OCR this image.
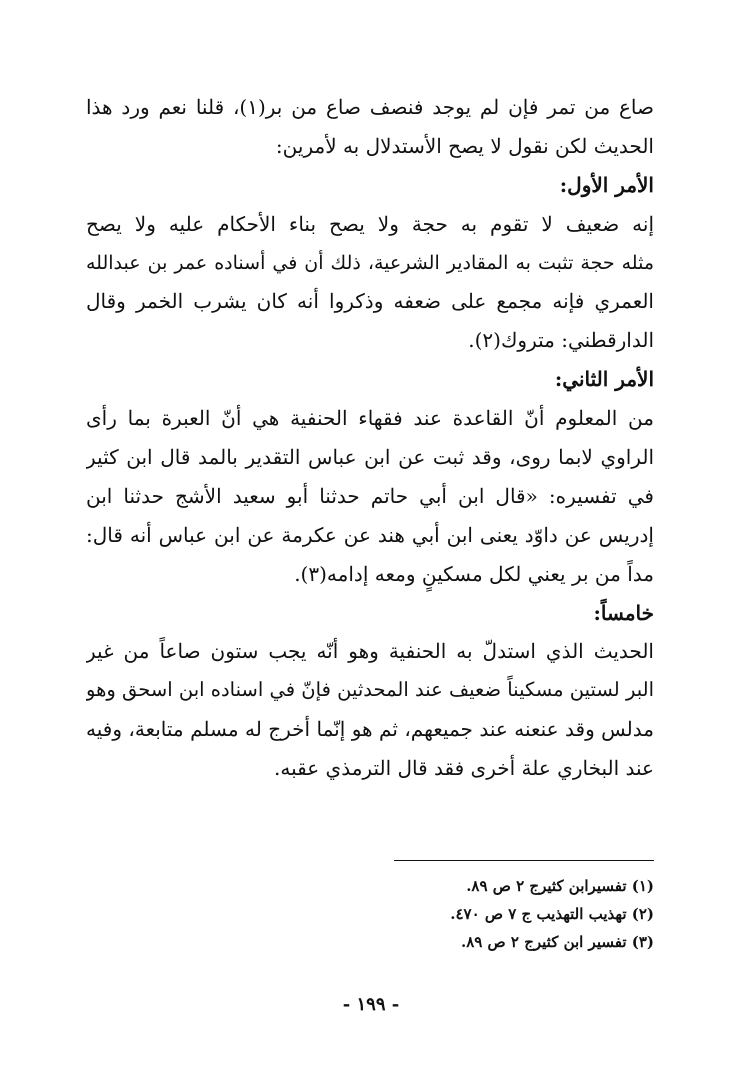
صاع من تمر فإن لم يوجد فنصف صاع من بر(١)، قلنا نعم ورد هذا
الحديث لكن نقول لا يصح الأستدلال به لأمرين:
الأمر الأول:
إنه ضعيف لا تقوم به حجة ولا يصح بناء الأحكام عليه ولا يصح
مثله حجة تثبت به المقادير الشرعية، ذلك أن في أسناده عمر بن عبدالله
العمري فإنه مجمع على ضعفه وذكروا أنه كان يشرب الخمر وقال
الدارقطني: متروك(٢).
الأمر الثاني:
من المعلوم أنّ القاعدة عند فقهاء الحنفية هي أنّ العبرة بما رأى
الراوي لابما روى، وقد ثبت عن ابن عباس التقدير بالمد قال ابن كثير
في تفسيره: «قال ابن أبي حاتم حدثنا أبو سعيد الأشج حدثنا ابن
إدريس عن داوّد يعنى ابن أبي هند عن عكرمة عن ابن عباس أنه قال:
مداً من بر يعني لكل مسكينٍ ومعه إدامه(٣).
خامساً:
الحديث الذي استدلّ به الحنفية وهو أنّه يجب ستون صاعاً من غير
البر لستين مسكيناً ضعيف عند المحدثين فإنّ في اسناده ابن اسحق وهو
مدلس وقد عنعنه عند جميعهم، ثم هو إنّما أخرج له مسلم متابعة، وفيه
عند البخاري علة أخرى فقد قال الترمذي عقبه.
(١) تفسيرابن كثيرج ٢ ص ٨٩.
(٢) تهذيب التهذيب ج ٧ ص ٤٧٠.
(٣) تفسير ابن كثيرج ٢ ص ٨٩.
- ١٩٩ -
